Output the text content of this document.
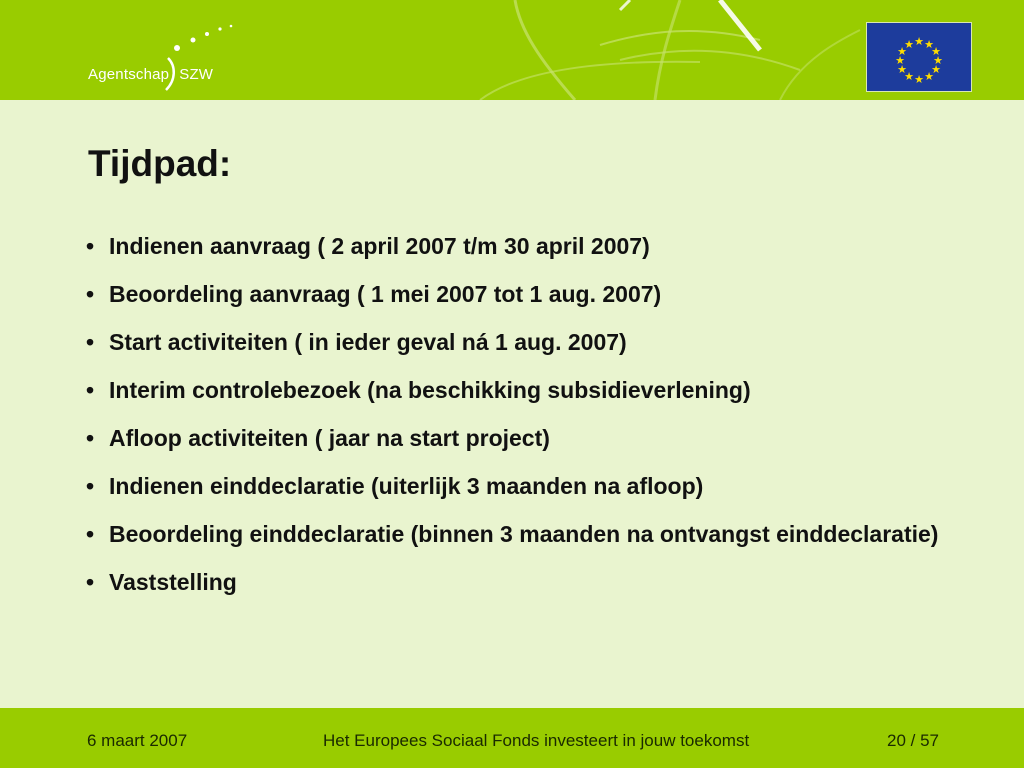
Agentschap SZW
★ ★
★
★
★
★
★
★
★
★
★
★
Tijdpad:
• Indienen aanvraag ( 2 april 2007 t/m 30 april 2007)
• Beoordeling aanvraag ( 1 mei 2007 tot 1 aug. 2007)
• Start activiteiten ( in ieder geval ná 1 aug. 2007)
• Interim controlebezoek (na beschikking subsidieverlening)
• Afloop activiteiten ( jaar na start project)
• Indienen einddeclaratie (uiterlijk 3 maanden na afloop)
• Beoordeling einddeclaratie (binnen 3 maanden na ontvangst einddeclaratie)
• Vaststelling
6 maart 2007	Het Europees Sociaal Fonds investeert in jouw toekomst	20 / 57
